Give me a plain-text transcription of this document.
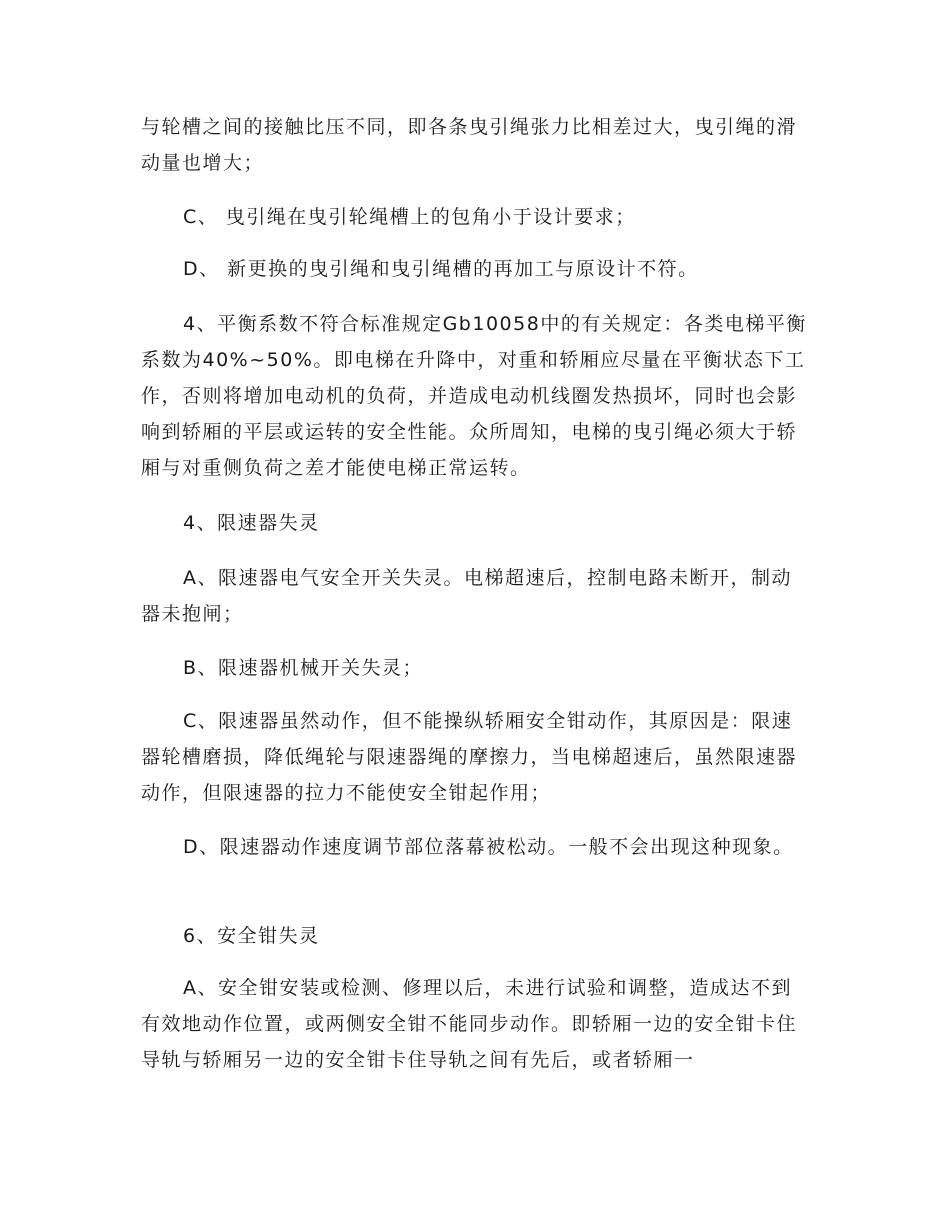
与轮槽之间的接触比压不同，即各条曳引绳张力比相差过大，曳引绳的滑动量也增大；

C、 曳引绳在曳引轮绳槽上的包角小于设计要求；

D、 新更换的曳引绳和曳引绳槽的再加工与原设计不符。

4、平衡系数不符合标准规定Gb10058中的有关规定：各类电梯平衡系数为40%~50%。即电梯在升降中，对重和轿厢应尽量在平衡状态下工作，否则将增加电动机的负荷，并造成电动机线圈发热损坏，同时也会影响到轿厢的平层或运转的安全性能。众所周知，电梯的曳引绳必须大于轿厢与对重侧负荷之差才能使电梯正常运转。

4、限速器失灵

A、限速器电气安全开关失灵。电梯超速后，控制电路未断开，制动器未抱闸；

B、限速器机械开关失灵；

C、限速器虽然动作，但不能操纵轿厢安全钳动作，其原因是：限速器轮槽磨损，降低绳轮与限速器绳的摩擦力，当电梯超速后，虽然限速器动作，但限速器的拉力不能使安全钳起作用；

D、限速器动作速度调节部位落幕被松动。一般不会出现这种现象。

6、安全钳失灵

A、安全钳安装或检测、修理以后，未进行试验和调整，造成达不到有效地动作位置，或两侧安全钳不能同步动作。即轿厢一边的安全钳卡住导轨与轿厢另一边的安全钳卡住导轨之间有先后，或者轿厢一
